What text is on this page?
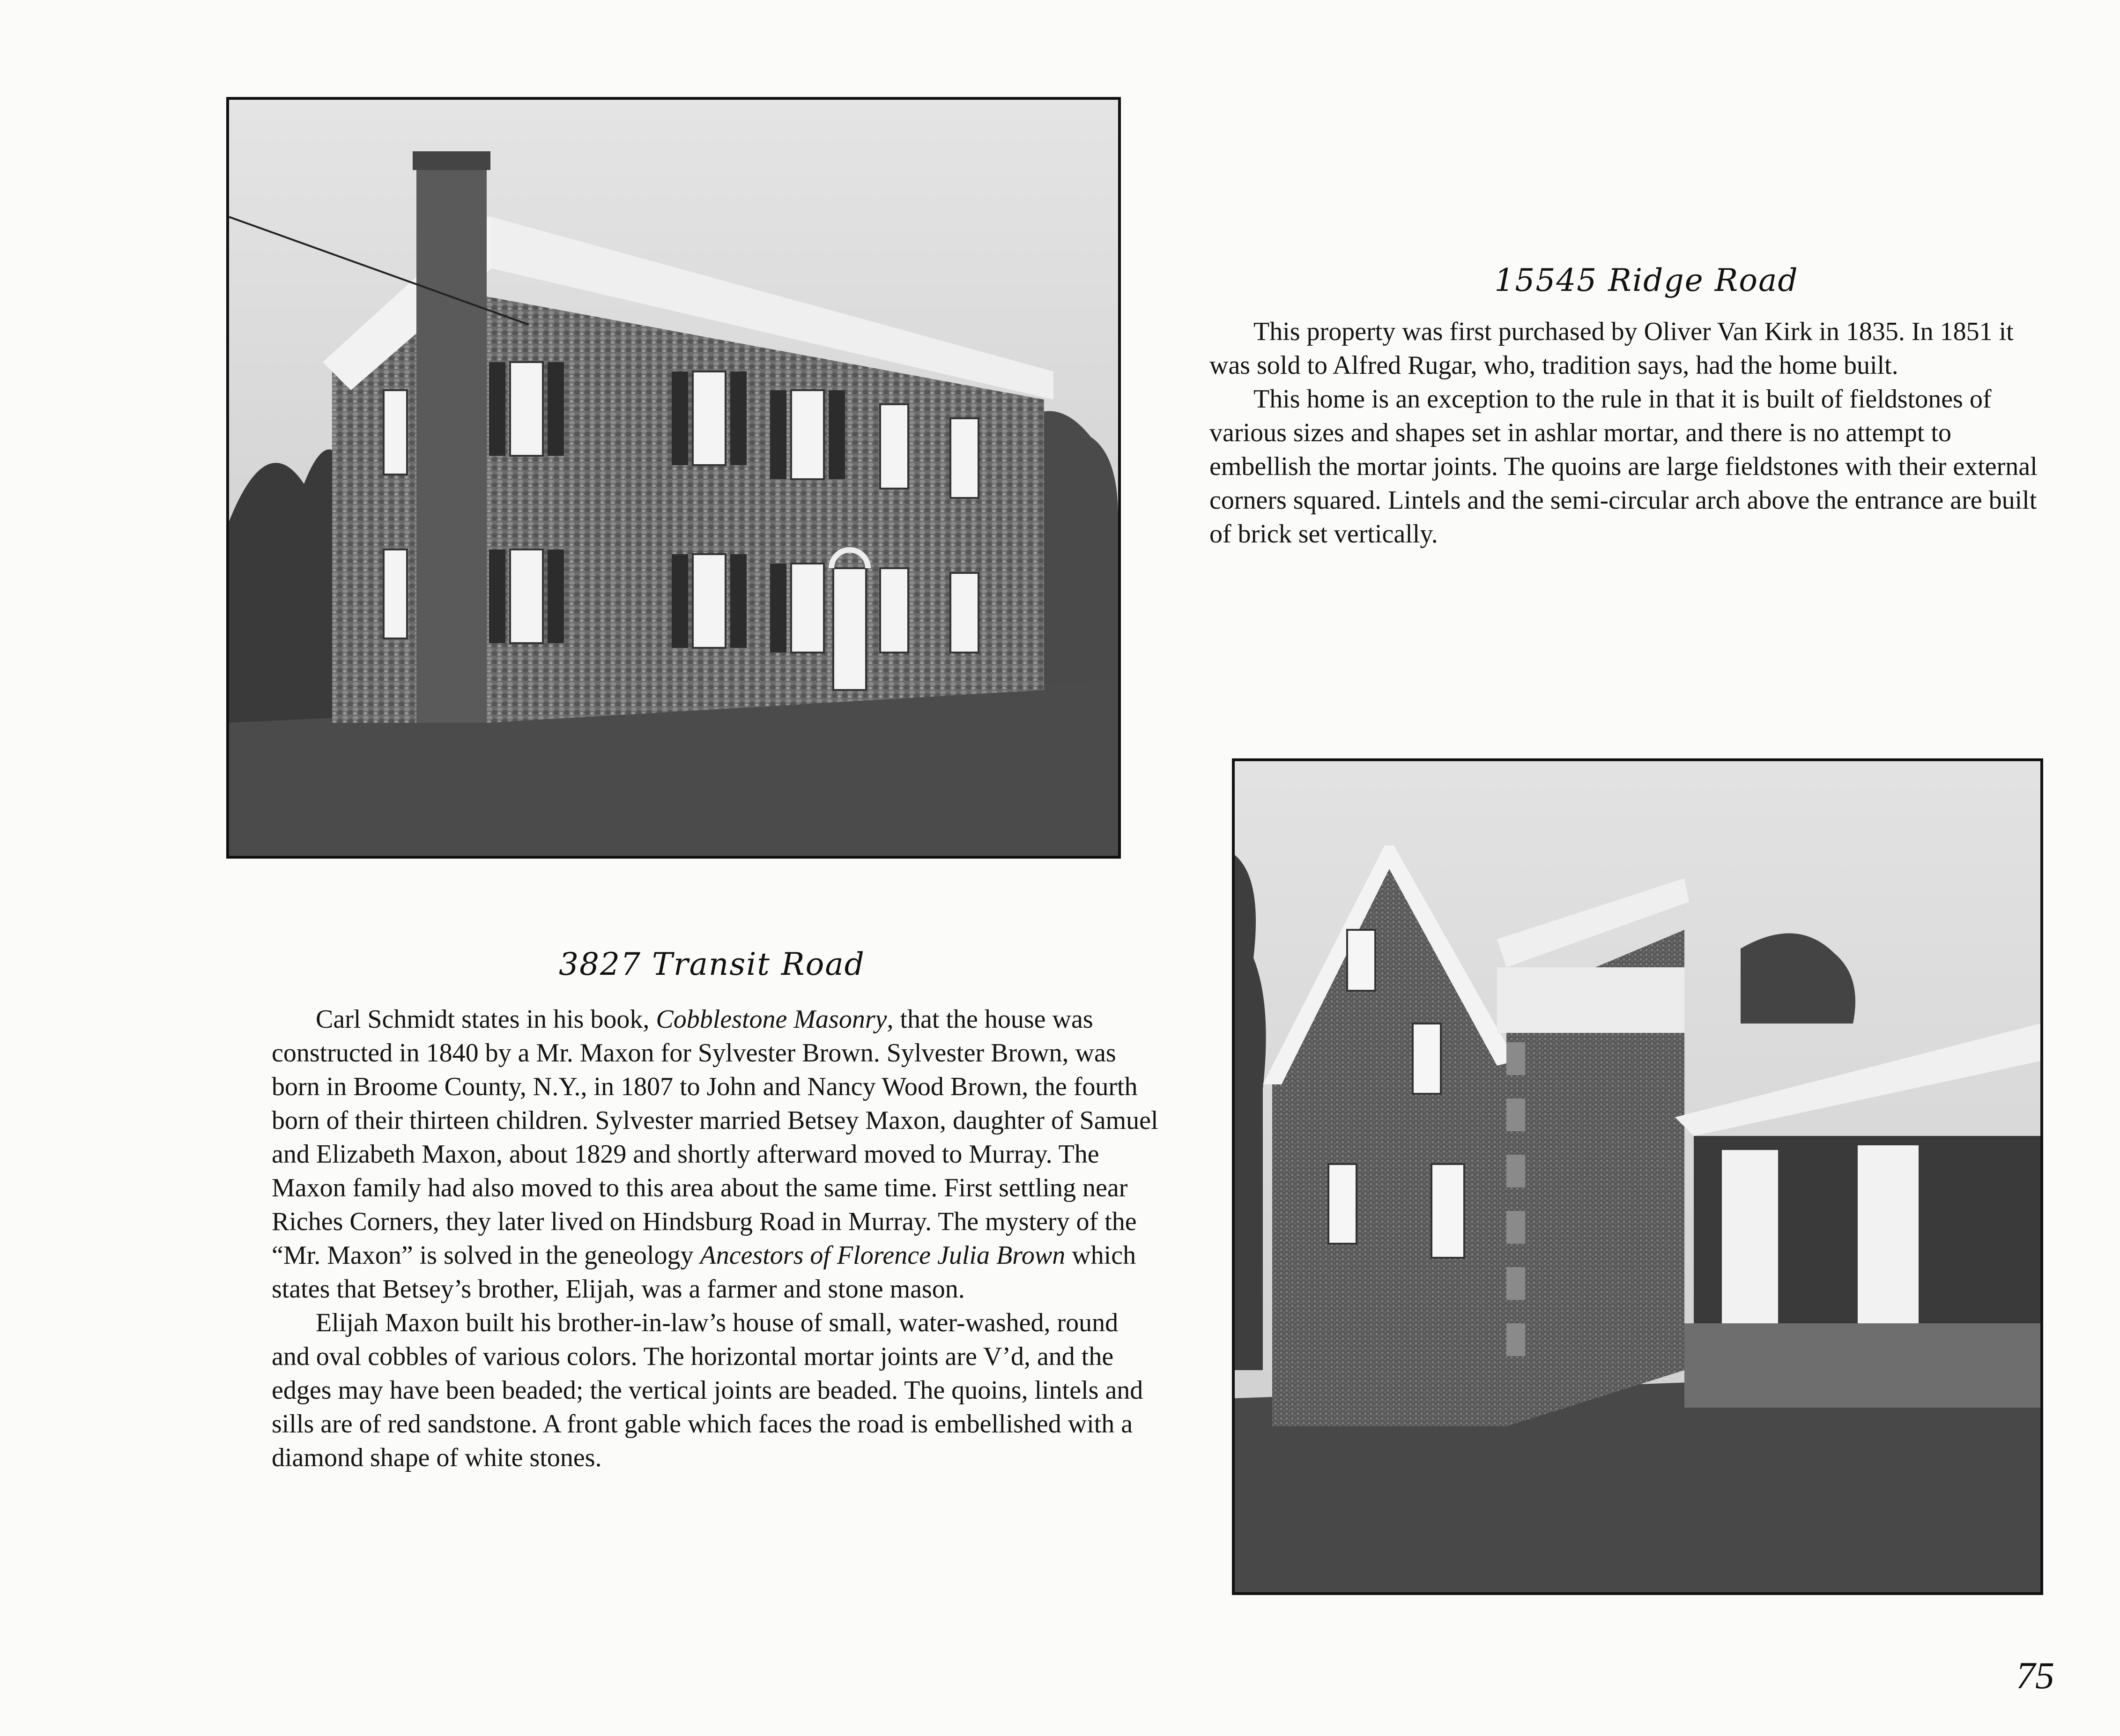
15545 Ridge Road

This property was first purchased by Oliver Van Kirk in 1835. In 1851 it was sold to Alfred Rugar, who, tradition says, had the home built.

This home is an exception to the rule in that it is built of fieldstones of various sizes and shapes set in ashlar mortar, and there is no attempt to embellish the mortar joints. The quoins are large fieldstones with their external corners squared. Lintels and the semi-circular arch above the entrance are built of brick set vertically.

3827 Transit Road

Carl Schmidt states in his book, Cobblestone Masonry, that the house was constructed in 1840 by a Mr. Maxon for Sylvester Brown. Sylvester Brown, was born in Broome County, N.Y., in 1807 to John and Nancy Wood Brown, the fourth born of their thirteen children. Sylvester married Betsey Maxon, daughter of Samuel and Elizabeth Maxon, about 1829 and shortly afterward moved to Murray. The Maxon family had also moved to this area about the same time. First settling near Riches Corners, they later lived on Hindsburg Road in Murray. The mystery of the “Mr. Maxon” is solved in the geneology Ancestors of Florence Julia Brown which states that Betsey’s brother, Elijah, was a farmer and stone mason.

Elijah Maxon built his brother-in-law’s house of small, water-washed, round and oval cobbles of various colors. The horizontal mortar joints are V’d, and the edges may have been beaded; the vertical joints are beaded. The quoins, lintels and sills are of red sandstone. A front gable which faces the road is embellished with a diamond shape of white stones.

75
